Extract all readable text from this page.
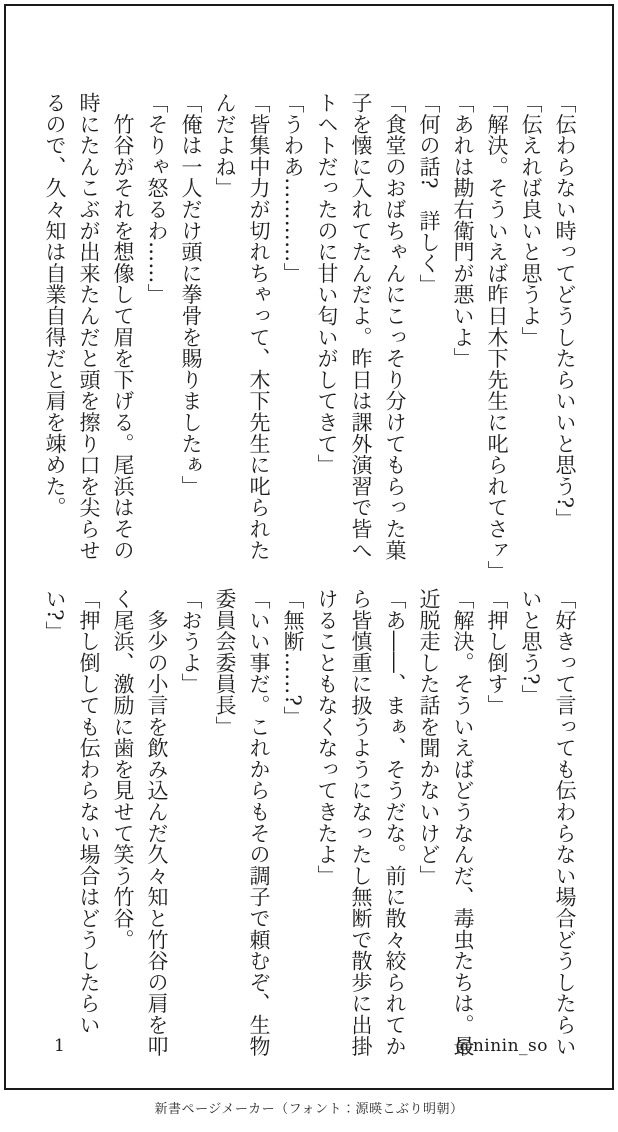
「伝わらない時ってどうしたらいいと思う?」

「伝えれば良いと思うよ」

「解決。そういえば昨日木下先生に叱られてさァ」

「あれは勘右衛門が悪いよ」

「何の話?　詳しく」

「食堂のおばちゃんにこっそり分けてもらった菓

子を懐に入れてたんだよ。昨日は課外演習で皆へ

トヘトだったのに甘い匂いがしてきて」

「うわあ…………」

「皆集中力が切れちゃって、木下先生に叱られた

んだよね」

「俺は一人だけ頭に拳骨を賜りましたぁ」

「そりゃ怒るわ……」

　竹谷がそれを想像して眉を下げる。尾浜はその

時にたんこぶが出来たんだと頭を擦り口を尖らせ

るので、久々知は自業自得だと肩を竦めた。

「好きって言っても伝わらない場合どうしたらい

いと思う?」

「押し倒す」

「解決。そういえばどうなんだ、毒虫たちは。最

近脱走した話を聞かないけど」

「あ――、まぁ、そうだな。前に散々絞られてか

ら皆慎重に扱うようになったし無断で散歩に出掛

けることもなくなってきたよ」

「無断……?」

「いい事だ。これからもその調子で頼むぞ、生物

委員会委員長」

「おうよ」

　多少の小言を飲み込んだ久々知と竹谷の肩を叩

く尾浜、激励に歯を見せて笑う竹谷。

「押し倒しても伝わらない場合はどうしたらい

い?」

1	@ninin_so
新書ページメーカー（フォント：源暎こぶり明朝）
